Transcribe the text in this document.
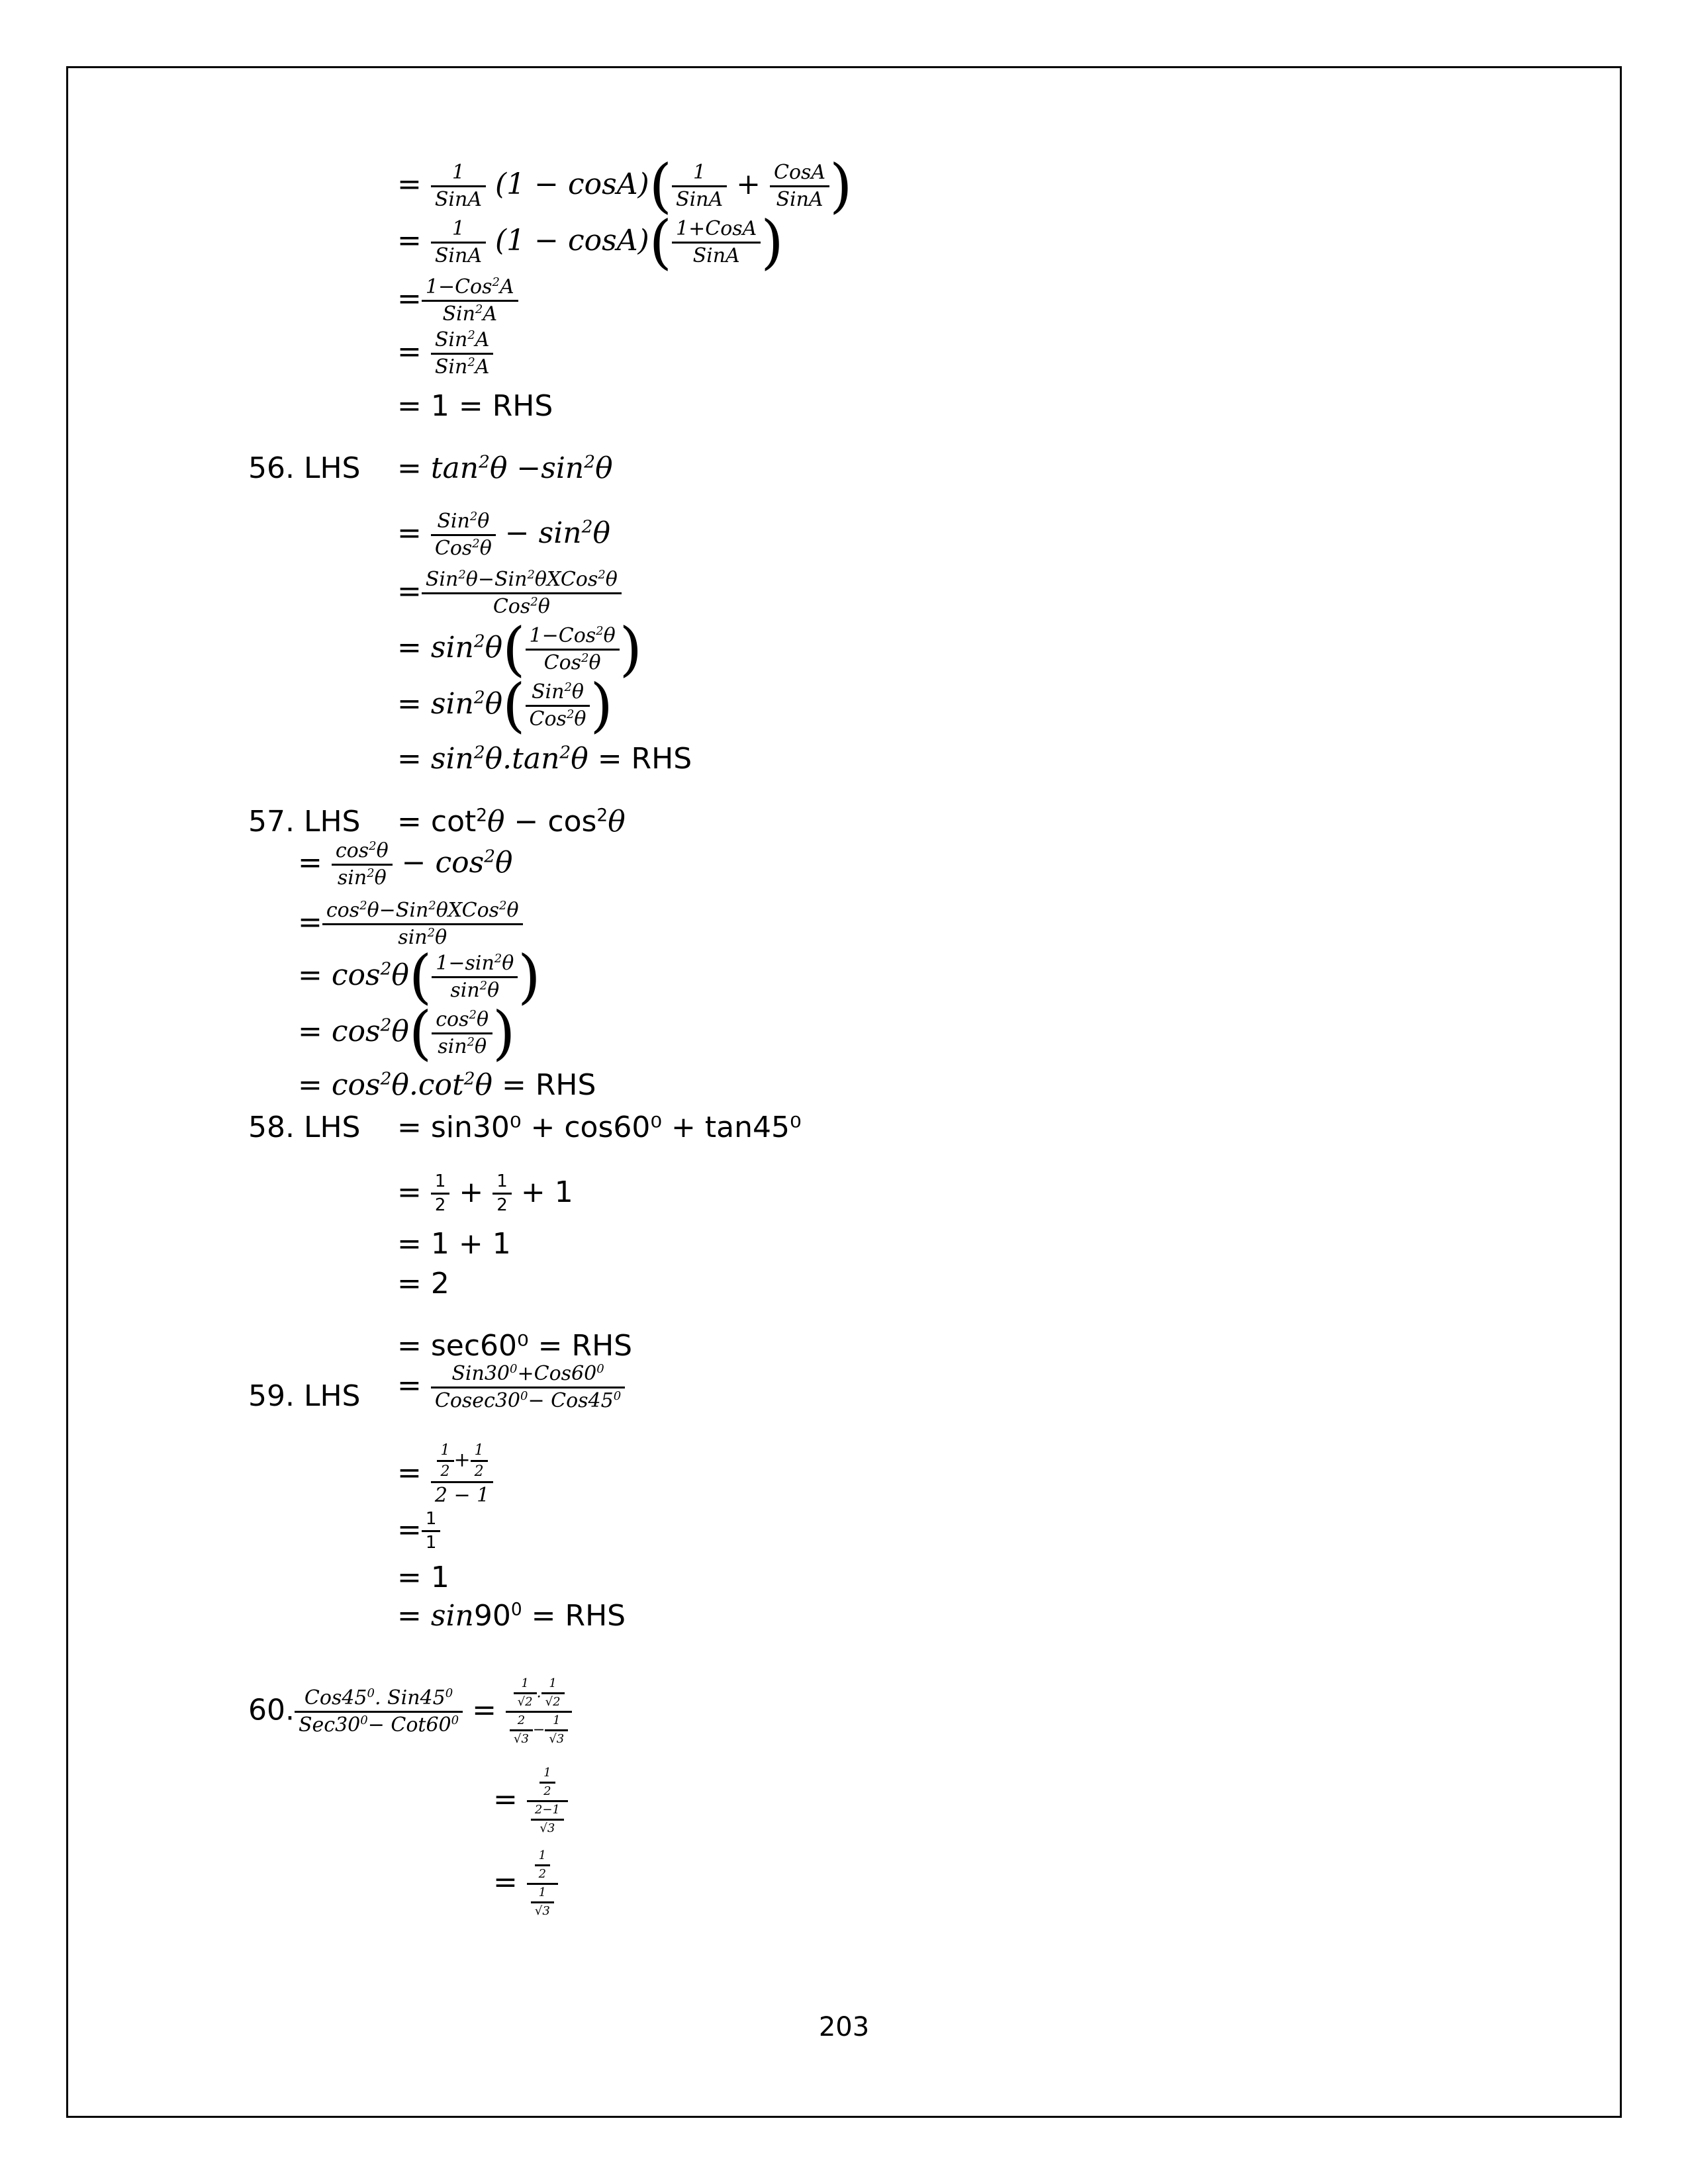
= 1
SinA (1 − cosA)( 1
SinA + CosA
SinA )
= 1
SinA (1 − cosA)( 1+CosA
SinA )
= 1−Cos$^2$A
Sin$^2$A
= Sin$^2$A
Sin$^2$A
= 1 = RHS
56. LHS = $\tan^2\theta -\sin^2\theta$
= Sin$^2$θ
$Cos^2\theta - \sin^2\theta$
= Sin$^2$θ−Sin$^2$θXCos$^2$θ
Cos$^2$θ
= $\sin^2\theta$( 1−Cos$^2$θ
Cos$^2$θ )
= $\sin^2\theta$( Sin$^2$θ
Cos$^2$θ )
= $\sin^2\theta.\tan^2\theta$ = RHS
57. LHS = $\cot^2\theta - \cos^2\theta$
= $\frac{\cos^2\theta}{\sin^2\theta} - \cos^2\theta$
= $\cos^2\theta-Sin^2\theta XCos^2\theta$
$\sin^2\theta$
= $\cos^2\theta( \frac{1-\sin^2\theta}{\sin^2\theta}$ )
= $\cos^2\theta( \frac{\cos^2\theta}{\sin^2\theta}$ )
= $\cos^2\theta.\cot^2\theta$ = RHS
58. LHS = sin30⁰ + cos60⁰ + tan45⁰
= $\frac{1}{2} + \frac{1}{2} + 1$
= 1 + 1
= 2
= sec60⁰ = RHS
59. LHS = $Sin30^0+Cos60^0$
$Cosec30^0- Cos45^0$
= $\frac{\frac{1}{2} + \frac{1}{2}}{2 - 1}$
= $\frac{1}{1}$
= 1
= $\sin 90^0$ = RHS
60. $Cos45^0$. $Sin45^0$
$Sec30^0- Cot60^0 = \frac{\frac{1}{√2} . \frac{1}{√2}}{\frac{2}{√3} - \frac{1}{√3}}$
= $\frac{\frac{1}{2}}{\frac{2-1}{√3}}$
= $\frac{\frac{1}{2}}{\frac{1}{√3}}$
203
